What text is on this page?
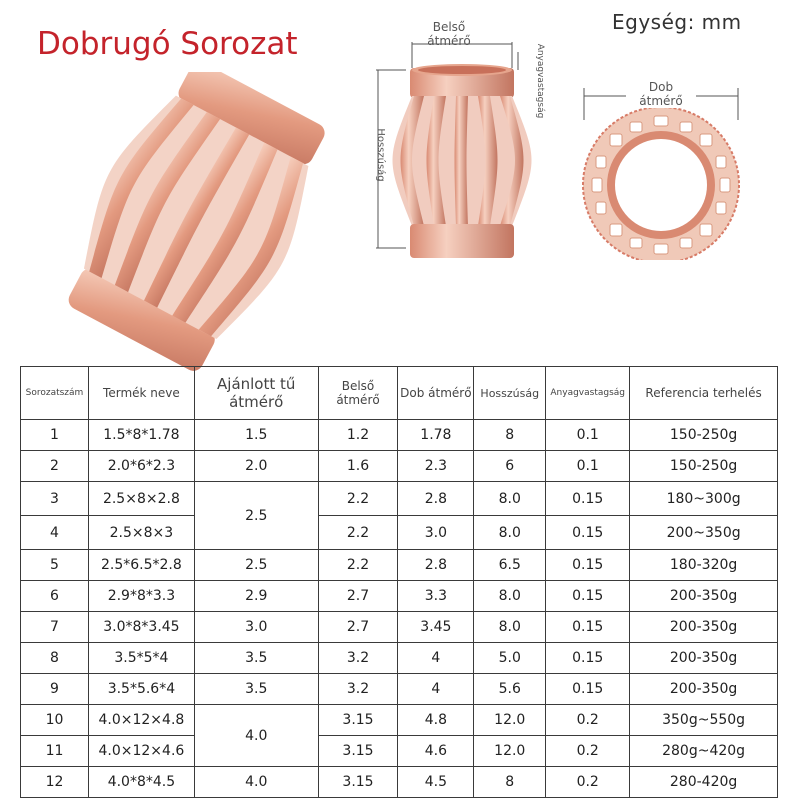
Dobrugó Sorozat
Egység: mm
Belső átmérő
Anyagvastagság
Hosszúság
Dob átmérő
Sorozatszám	Termék neve	Ajánlott tű átmérő	Belső átmérő	Dob átmérő	Hosszúság	Anyagvastagság	Referencia terhelés
1	1.5*8*1.78	1.5	1.2	1.78	8	0.1	150-250g
2	2.0*6*2.3	2.0	1.6	2.3	6	0.1	150-250g
3	2.5×8×2.8	2.5	2.2	2.8	8.0	0.15	180~300g
4	2.5×8×3		2.2	3.0	8.0	0.15	200~350g
5	2.5*6.5*2.8	2.5	2.2	2.8	6.5	0.15	180-320g
6	2.9*8*3.3	2.9	2.7	3.3	8.0	0.15	200-350g
7	3.0*8*3.45	3.0	2.7	3.45	8.0	0.15	200-350g
8	3.5*5*4	3.5	3.2	4	5.0	0.15	200-350g
9	3.5*5.6*4	3.5	3.2	4	5.6	0.15	200-350g
10	4.0×12×4.8	4.0	3.15	4.8	12.0	0.2	350g~550g
11	4.0×12×4.6		3.15	4.6	12.0	0.2	280g~420g
12	4.0*8*4.5	4.0	3.15	4.5	8	0.2	280-420g
